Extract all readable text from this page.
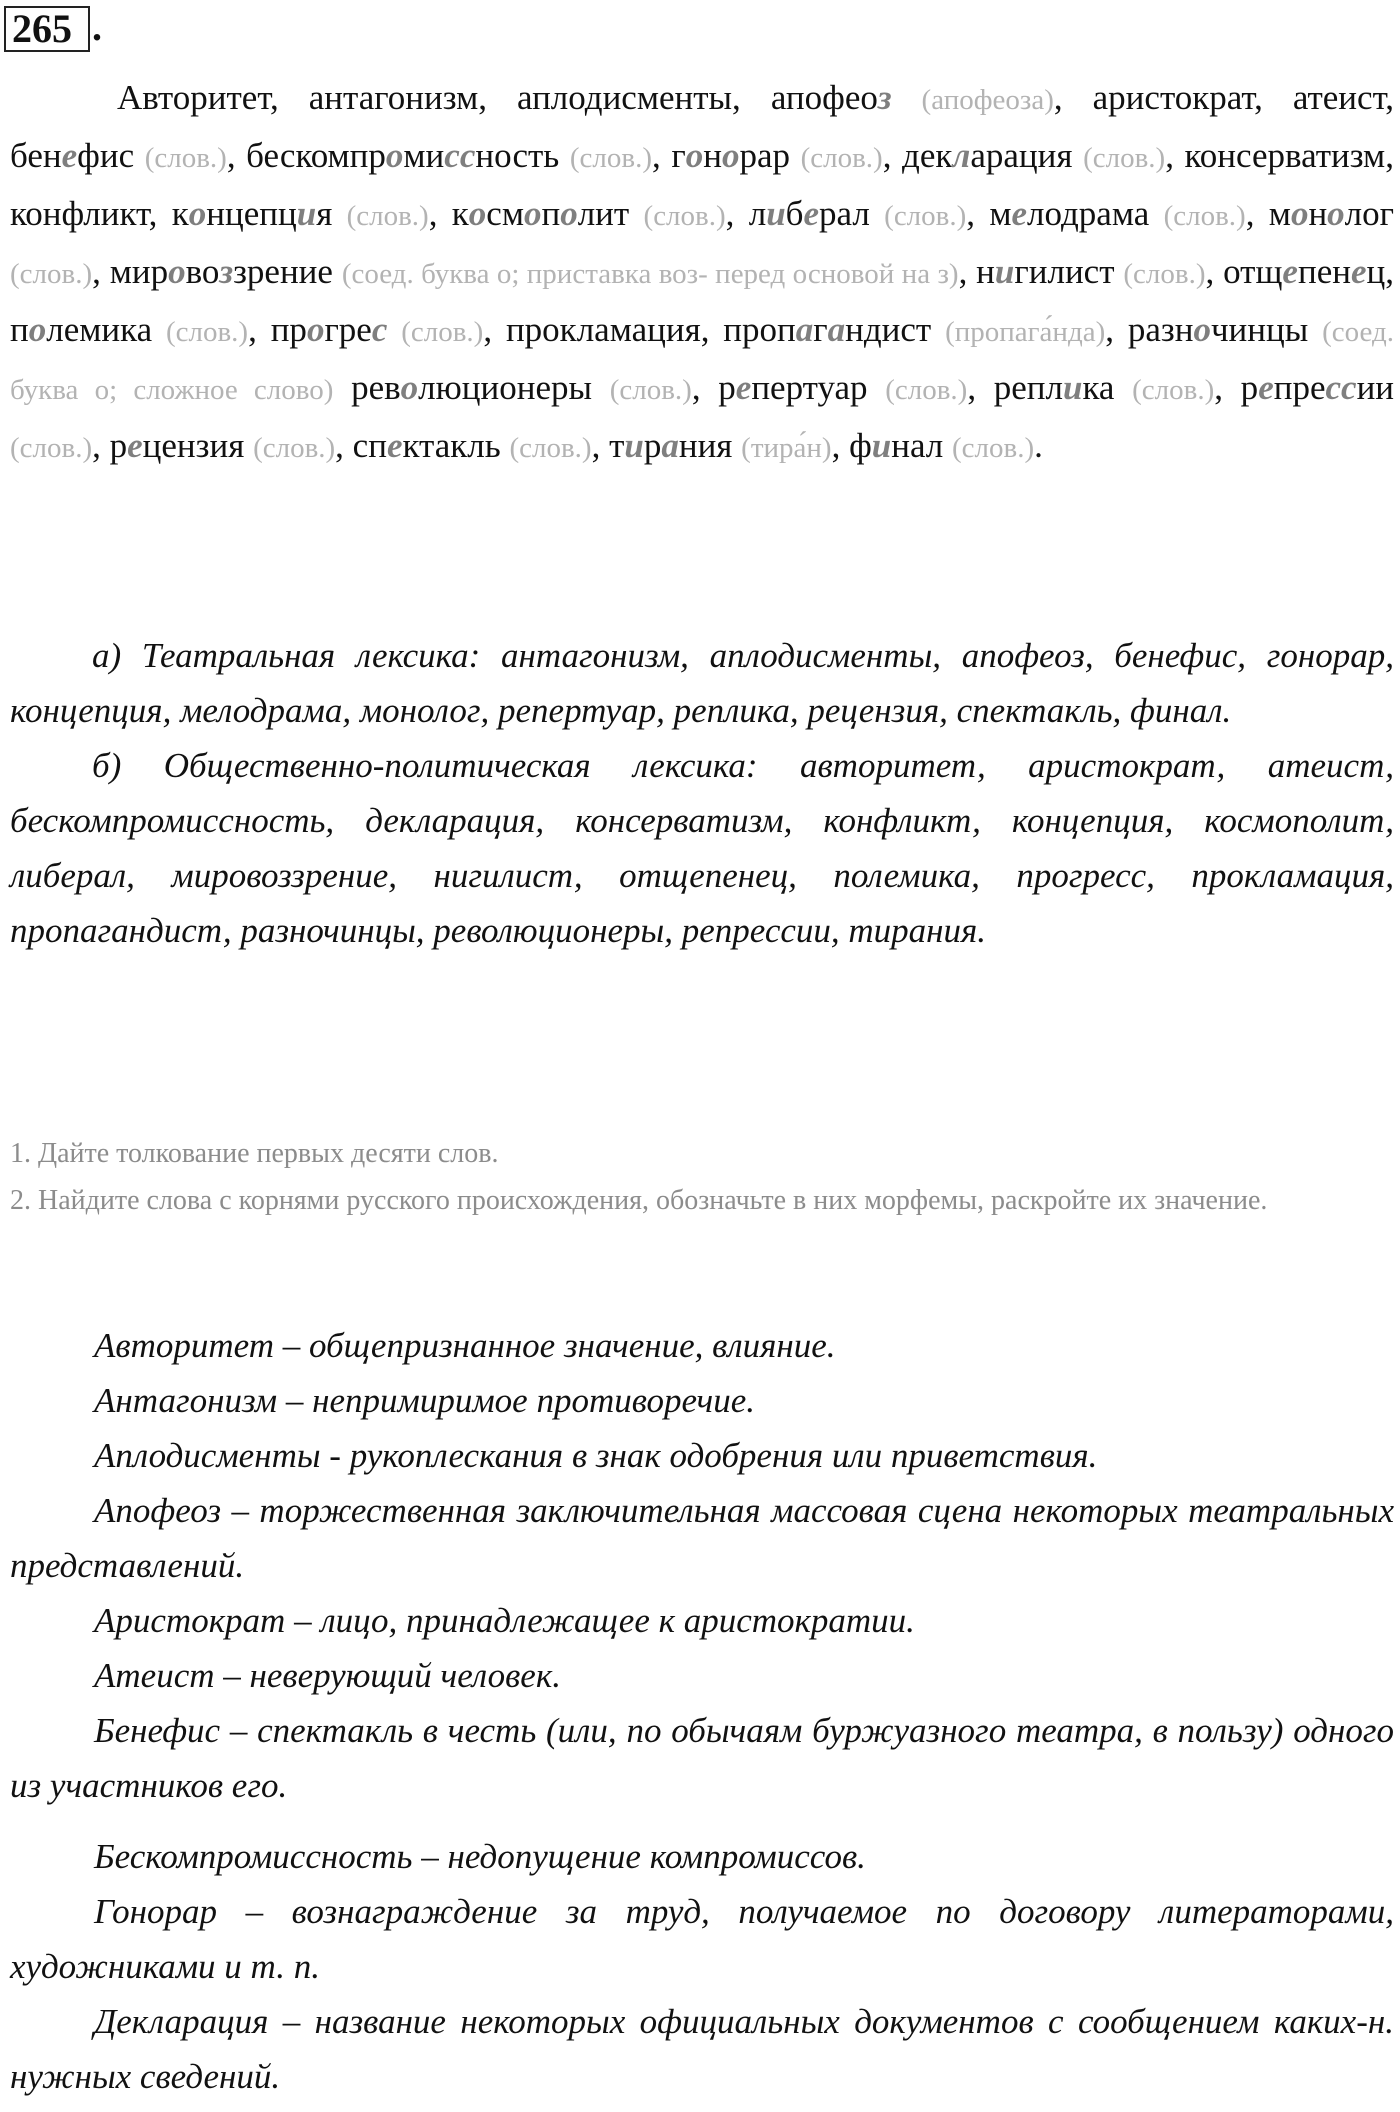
265 .
Авторитет, антагонизм, аплодисменты, апофеоз (апофеоза), аристократ, атеист, бенефис (слов.), бескомпромиссность (слов.), гонорар (слов.), декларация (слов.), консерватизм, конфликт, концепция (слов.), космополит (слов.), либерал (слов.), мелодрама (слов.), монолог (слов.), мировоззрение (соед. буква о; приставка воз- перед основой на з), нигилист (слов.), отщепенец, полемика (слов.), прогрес (слов.), прокламация, пропагандист (пропага́нда), разночинцы (соед. буква о; сложное слово) революционеры (слов.), репертуар (слов.), реплика (слов.), репрессии (слов.), рецензия (слов.), спектакль (слов.), тирания (тира́н), финал (слов.).

а) Театральная лексика: антагонизм, аплодисменты, апофеоз, бенефис, гонорар, концепция, мелодрама, монолог, репертуар, реплика, рецензия, спектакль, финал.

б) Общественно-политическая лексика: авторитет, аристократ, атеист, бескомпромиссность, декларация, консерватизм, конфликт, концепция, космополит, либерал, мировоззрение, нигилист, отщепенец, полемика, прогресс, прокламация, пропагандист, разночинцы, революционеры, репрессии, тирания.

1. Дайте толкование первых десяти слов.

2. Найдите слова с корнями русского происхождения, обозначьте в них морфемы, раскройте их значение.

Авторитет – общепризнанное значение, влияние.

Антагонизм – непримиримое противоречие.

Аплодисменты - рукоплескания в знак одобрения или приветствия.

Апофеоз – торжественная заключительная массовая сцена некоторых театральных представлений.

Аристократ – лицо, принадлежащее к аристократии.

Атеист – неверующий человек.

Бенефис – спектакль в честь (или, по обычаям буржуазного театра, в пользу) одного из участников его.

Бескомпромиссность – недопущение компромиссов.

Гонорар – вознаграждение за труд, получаемое по договору литераторами, художниками и т. п.

Декларация – название некоторых официальных документов с сообщением каких-н. нужных сведений.
